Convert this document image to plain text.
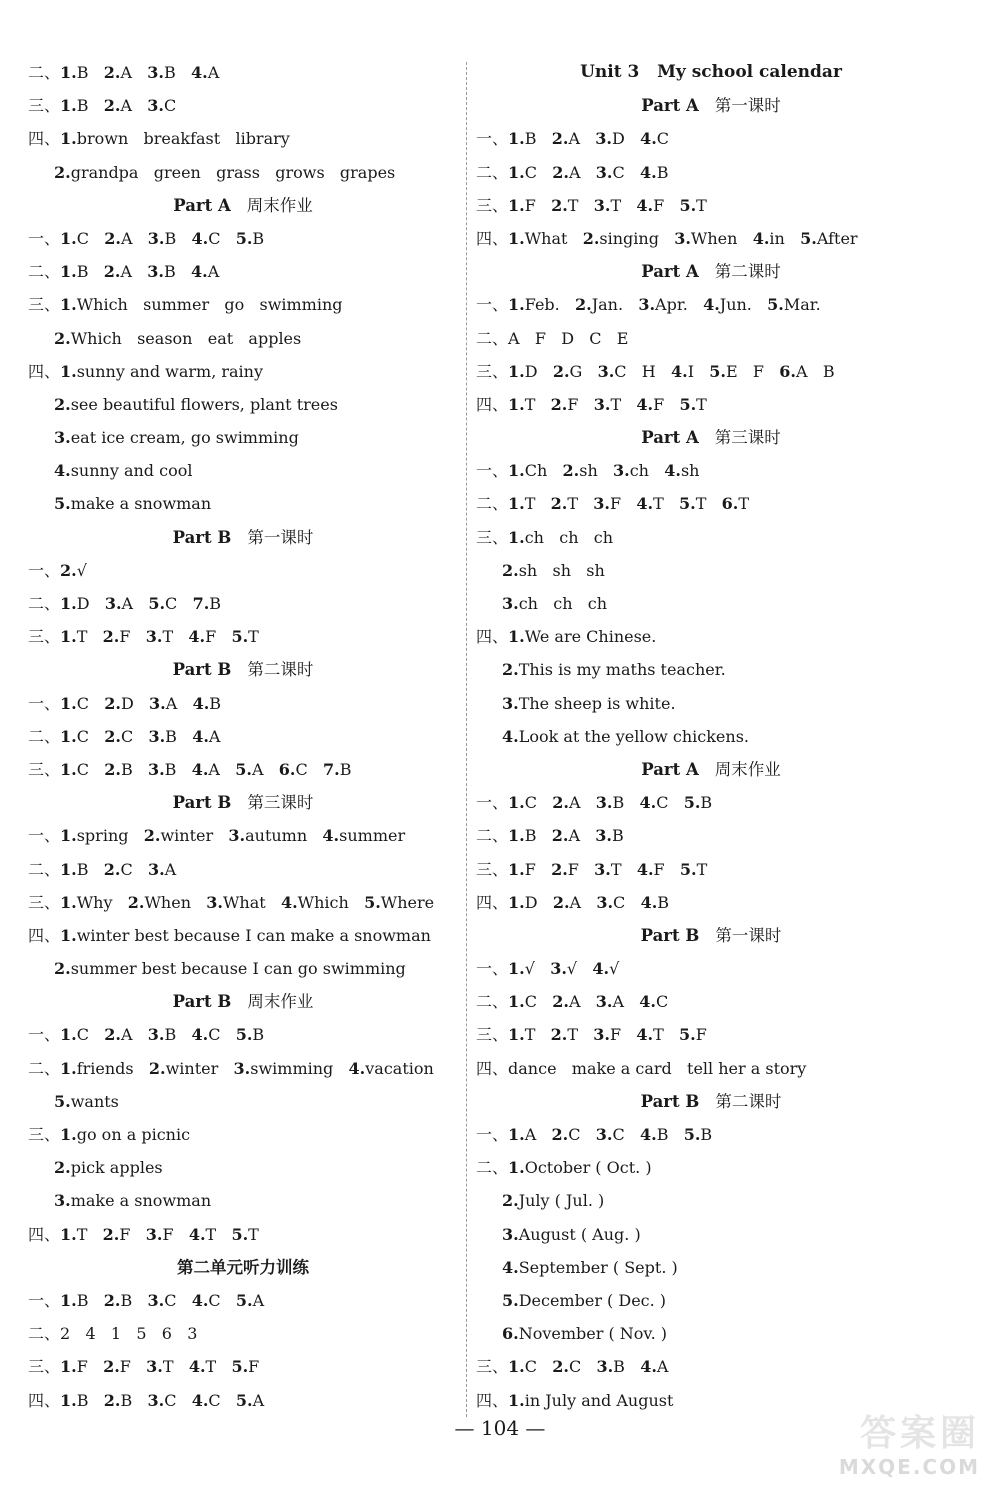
二、1.B 2.A 3.B 4.A
三、1.B 2.A 3.C
四、1.brown   breakfast   library
2.grandpa   green   grass   grows   grapes
Part A 周末作业
一、1.C 2.A 3.B 4.C 5.B
二、1.B 2.A 3.B 4.A
三、1.Which   summer   go   swimming
2.Which   season   eat   apples
四、1.sunny and warm, rainy
2.see beautiful flowers, plant trees
3.eat ice cream, go swimming
4.sunny and cool
5.make a snowman
Part B 第一课时
一、2.√
二、1.D 3.A 5.C 7.B
三、1.T 2.F 3.T 4.F 5.T
Part B 第二课时
一、1.C 2.D 3.A 4.B
二、1.C 2.C 3.B 4.A
三、1.C 2.B 3.B 4.A 5.A 6.C 7.B
Part B 第三课时
一、1.spring 2.winter 3.autumn 4.summer
二、1.B 2.C 3.A
三、1.Why 2.When 3.What 4.Which 5.Where
四、1.winter best because I can make a snowman
2.summer best because I can go swimming
Part B 周末作业
一、1.C 2.A 3.B 4.C 5.B
二、1.friends 2.winter 3.swimming 4.vacation
5.wants
三、1.go on a picnic
2.pick apples
3.make a snowman
四、1.T 2.F 3.F 4.T 5.T
第二单元听力训练
一、1.B 2.B 3.C 4.C 5.A
二、2   4   1   5   6   3
三、1.F 2.F 3.T 4.T 5.F
四、1.B 2.B 3.C 4.C 5.A
Unit 3   My school calendar
Part A 第一课时
一、1.B 2.A 3.D 4.C
二、1.C 2.A 3.C 4.B
三、1.F 2.T 3.T 4.F 5.T
四、1.What 2.singing 3.When 4.in 5.After
Part A 第二课时
一、1.Feb. 2.Jan. 3.Apr. 4.Jun. 5.Mar.
二、A   F   D   C   E
三、1.D 2.G 3.C   H 4.I 5.E   F 6.A   B
四、1.T 2.F 3.T 4.F 5.T
Part A 第三课时
一、1.Ch 2.sh 3.ch 4.sh
二、1.T 2.T 3.F 4.T 5.T 6.T
三、1.ch   ch   ch
2.sh   sh   sh
3.ch   ch   ch
四、1.We are Chinese.
2.This is my maths teacher.
3.The sheep is white.
4.Look at the yellow chickens.
Part A 周末作业
一、1.C 2.A 3.B 4.C 5.B
二、1.B 2.A 3.B
三、1.F 2.F 3.T 4.F 5.T
四、1.D 2.A 3.C 4.B
Part B 第一课时
一、1.√ 3.√ 4.√
二、1.C 2.A 3.A 4.C
三、1.T 2.T 3.F 4.T 5.F
四、dance   make a card   tell her a story
Part B 第二课时
一、1.A 2.C 3.C 4.B 5.B
二、1.October ( Oct. )
2.July ( Jul. )
3.August ( Aug. )
4.September ( Sept. )
5.December ( Dec. )
6.November ( Nov. )
三、1.C 2.C 3.B 4.A
四、1.in July and August
— 104 —	答案圈
MXQE.COM
